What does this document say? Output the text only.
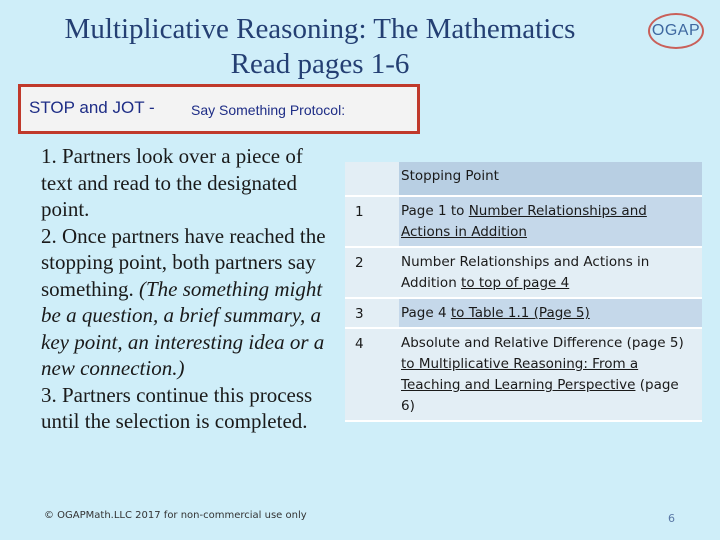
Multiplicative Reasoning: The Mathematics
Read pages 1-6
OGAP
STOP and JOT -	Say Something Protocol:

1. Partners look over a piece of text and read to the designated point.

2. Once partners have reached the stopping point, both partners say something. (The something might be a question, a brief summary, a key point, an interesting idea or a new connection.)

3. Partners continue this process until the selection is completed.

	Stopping Point
1	Page 1 to Number Relationships and Actions in Addition
2	Number Relationships and Actions in Addition to top of page 4
3	Page 4 to Table 1.1 (Page 5)
4	Absolute and Relative Difference (page 5) to Multiplicative Reasoning: From a Teaching and Learning Perspective (page 6)
© OGAPMath.LLC 2017 for non-commercial use only	6
